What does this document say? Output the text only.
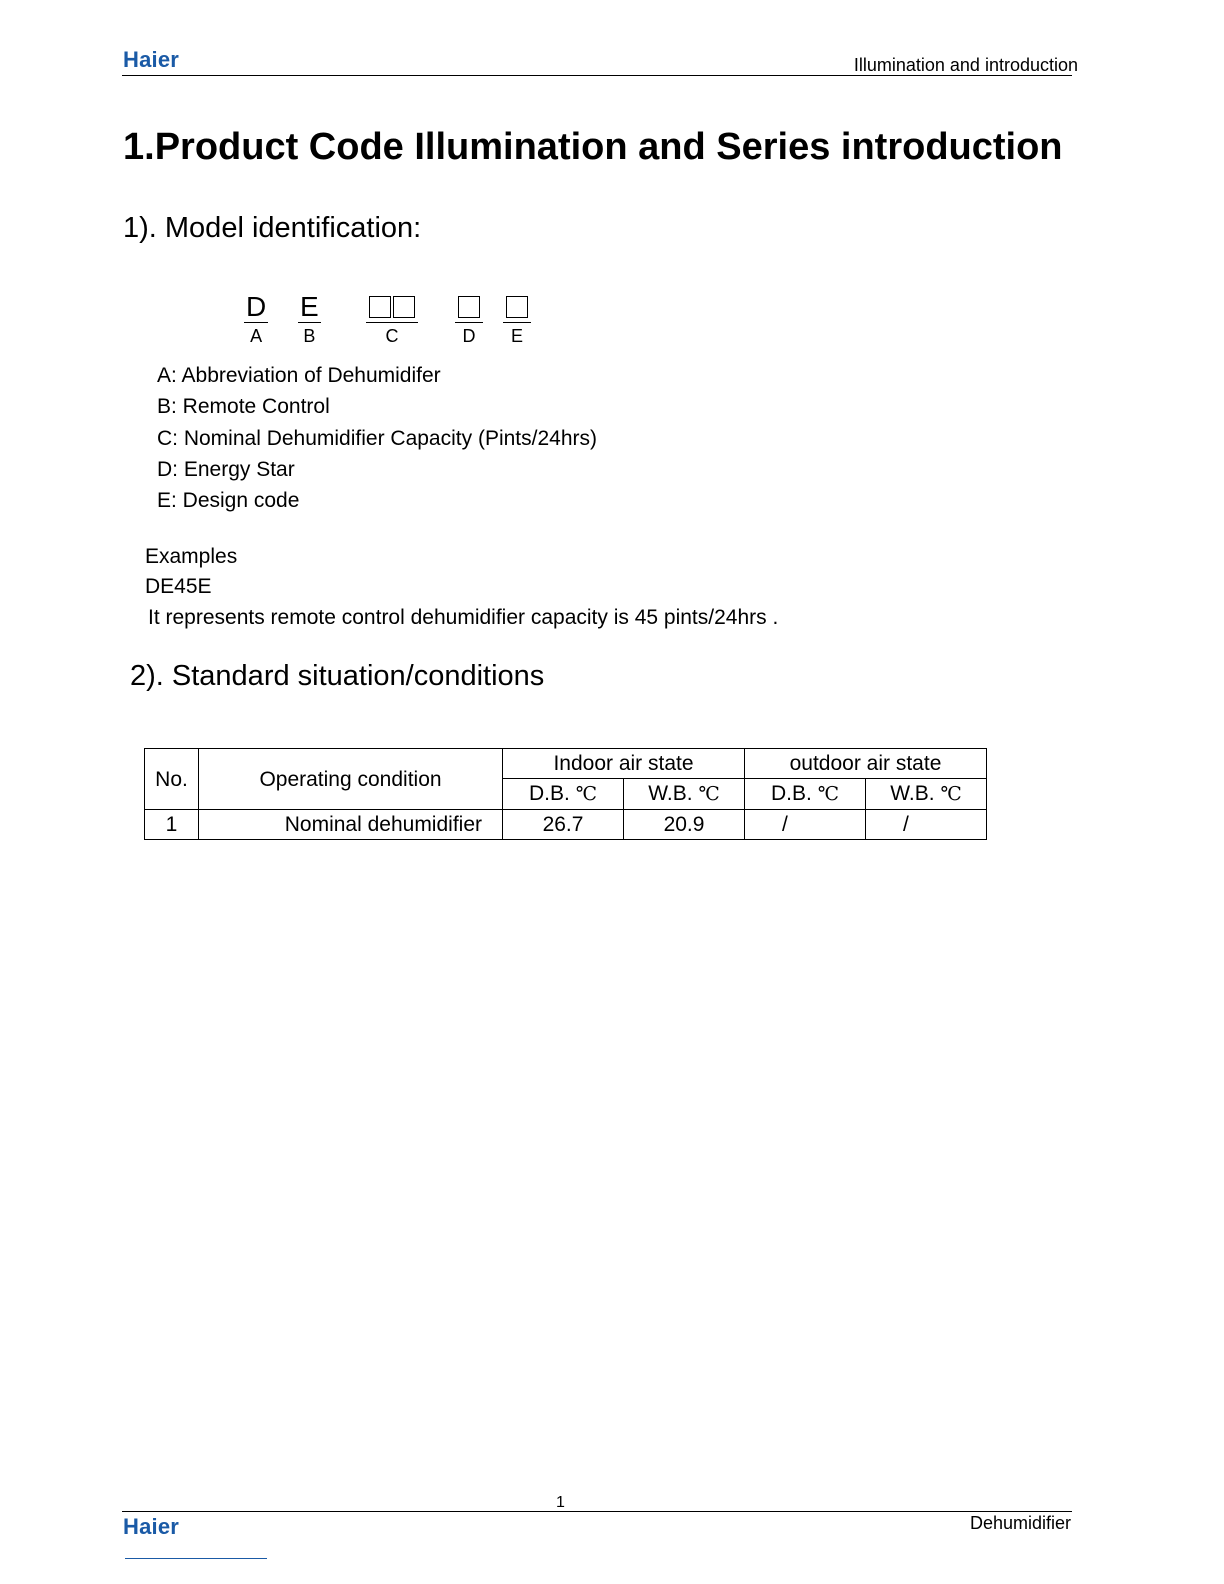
Haier	Illumination and introduction
1.Product Code Illumination and Series introduction
1). Model identification:
D
A
E
B	C	D	E
A: Abbreviation of Dehumidifer
B: Remote Control
C: Nominal Dehumidifier Capacity (Pints/24hrs)
D: Energy Star
E: Design code
Examples
DE45E
It represents remote control dehumidifier capacity is 45 pints/24hrs .
2). Standard situation/conditions
No.	Operating condition	Indoor air state		outdoor air state	
		D.B. ℃	W.B. ℃	D.B. ℃	W.B. ℃
1	Nominal dehumidifier	26.7	20.9	/	/
1
Haier	Dehumidifier
